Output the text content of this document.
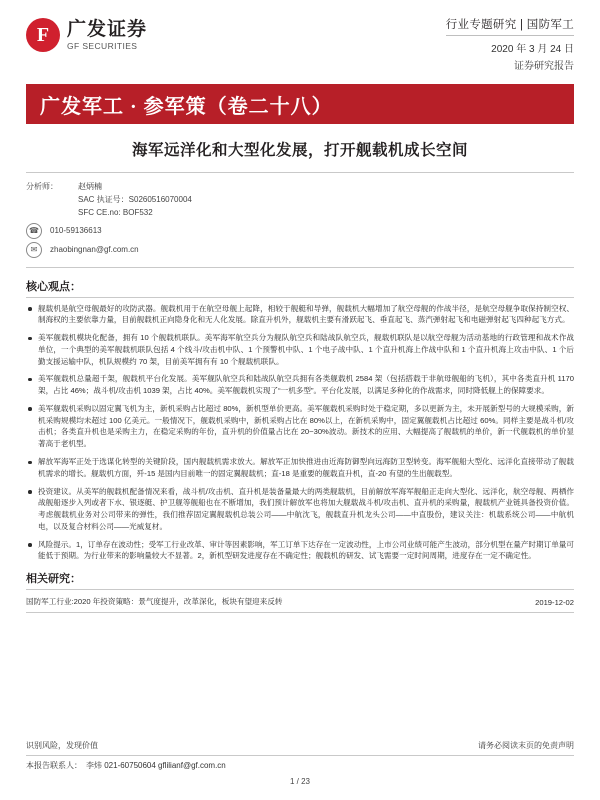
F 广发证券
GF SECURITIES
行业专题研究 | 国防军工
2020 年 3 月 24 日
证券研究报告
广发军工 · 参军策（卷二十八）
海军远洋化和大型化发展，打开舰载机成长空间
分析师：	赵炳楠
SAC 执证号：S0260516070004
SFC CE.no: BOF532
☎	010-59136613
✉	zhaobingnan@gf.com.cn
核心观点：
舰载机是航空母舰最好的攻防武器。舰载机用于在航空母舰上起降，相较于舰艇和导弹，舰载机大幅增加了航空母舰的作战半径，是航空母舰争取保持制空权、制海权的主要依靠力量，目前舰载机正向隐身化和无人化发展。除直升机外，舰载机主要有滑跃起飞、垂直起飞、蒸汽弹射起飞和电磁弹射起飞四种起飞方式。
美军舰载机模块化配备，拥有 10 个舰载机联队。美军海军航空兵分为舰队航空兵和陆战队航空兵，舰载机联队是以航空母舰为活动基地的行政管理和战术作战单位，一个典型的美军舰载机联队包括 4 个线斗/攻击机中队、1 个预警机中队、1 个电子战中队、1 个直升机海上作战中队和 1 个直升机海上攻击中队、1 个后勤支援运输中队，机队规模约 70 架，目前美军拥有有 10 个舰载机联队。
美军舰载机总量超千架，舰载机平台化发展。美军舰队航空兵和陆战队航空兵拥有各类舰载机 2584 架（包括搭载于非航母舰船的飞机），其中各类直升机 1170 架，占比 46%；战斗机/攻击机 1039 架，占比 40%。美军舰载机实现了“一机多型”。平台化发展，以满足多种化的作战需求，同时降低舰上的保障要求。
美军舰载机采购以固定翼飞机为主，新机采购占比超过 80%，新机型单价更高。美军舰载机采购时处于稳定期，多以更新为主，未开展新型号的大规模采购，新机采购规模均未超过 100 亿美元。一般情况下，舰载机采购中，新机采购占比在 80%以上，在新机采购中，固定翼舰载机占比超过 60%。同样主要是战斗机/攻击机；各类直升机也是采购主力，在稳定采购的年份，直升机的价值量占比在 20~30%波动。新技术的应用、大幅提高了舰载机的单价，新一代舰载机的单价显著高于老机型。
解放军海军正处于选谋化转型的关键阶段，国内舰载机需求放大。解放军正加快推进由近海防御型向远海防卫型转变。海军舰船大型化、远洋化直接带动了舰载机需求的增长。舰载机方面，歼-15 是国内目前唯一的固定翼舰载机；直-18 是重要的舰载直升机，直-20 有望的生出舰载型。
投资建议。从美军的舰载机配备情况来看，战斗机/攻击机、直升机是装备量最大的两类舰载机，目前解放军海军舰船正走向大型化、远洋化，航空母舰、两栖作战舰船逐步入列或者下水、银逐艇、护卫舰等舰船也在不断增加，我们预计解放军也将加大舰载战斗机/攻击机、直升机的采购量，舰载机产业链具备投资价值。考虑舰载机业务对公司带来的弹性，我们推荐固定翼舰载机总装公司——中航沈飞，舰载直升机龙头公司——中直股份，建议关注：机载系统公司——中航机电，以及复合材料公司——光威复材。
风险提示。1，订单存在波动性；受军工行业改革、审计等因素影响，军工订单下达存在一定波动性，上市公司业绩可能产生波动，部分机型在量产时期订单量可能低于预期。为行业带来的影响量较大不显著。2，新机型研发进度存在不确定性；舰载机的研发、试飞需要一定时间周期，进度存在一定不确定性。
相关研究：
国防军工行业:2020 年投资策略：景气度提升，改革深化，板块有望迎来反转	2019-12-02
识别风险，发现价值	请务必阅读末页的免责声明
本报告联系人： 李炜 021-60750604 gflilianf@gf.com.cn
1 / 23
